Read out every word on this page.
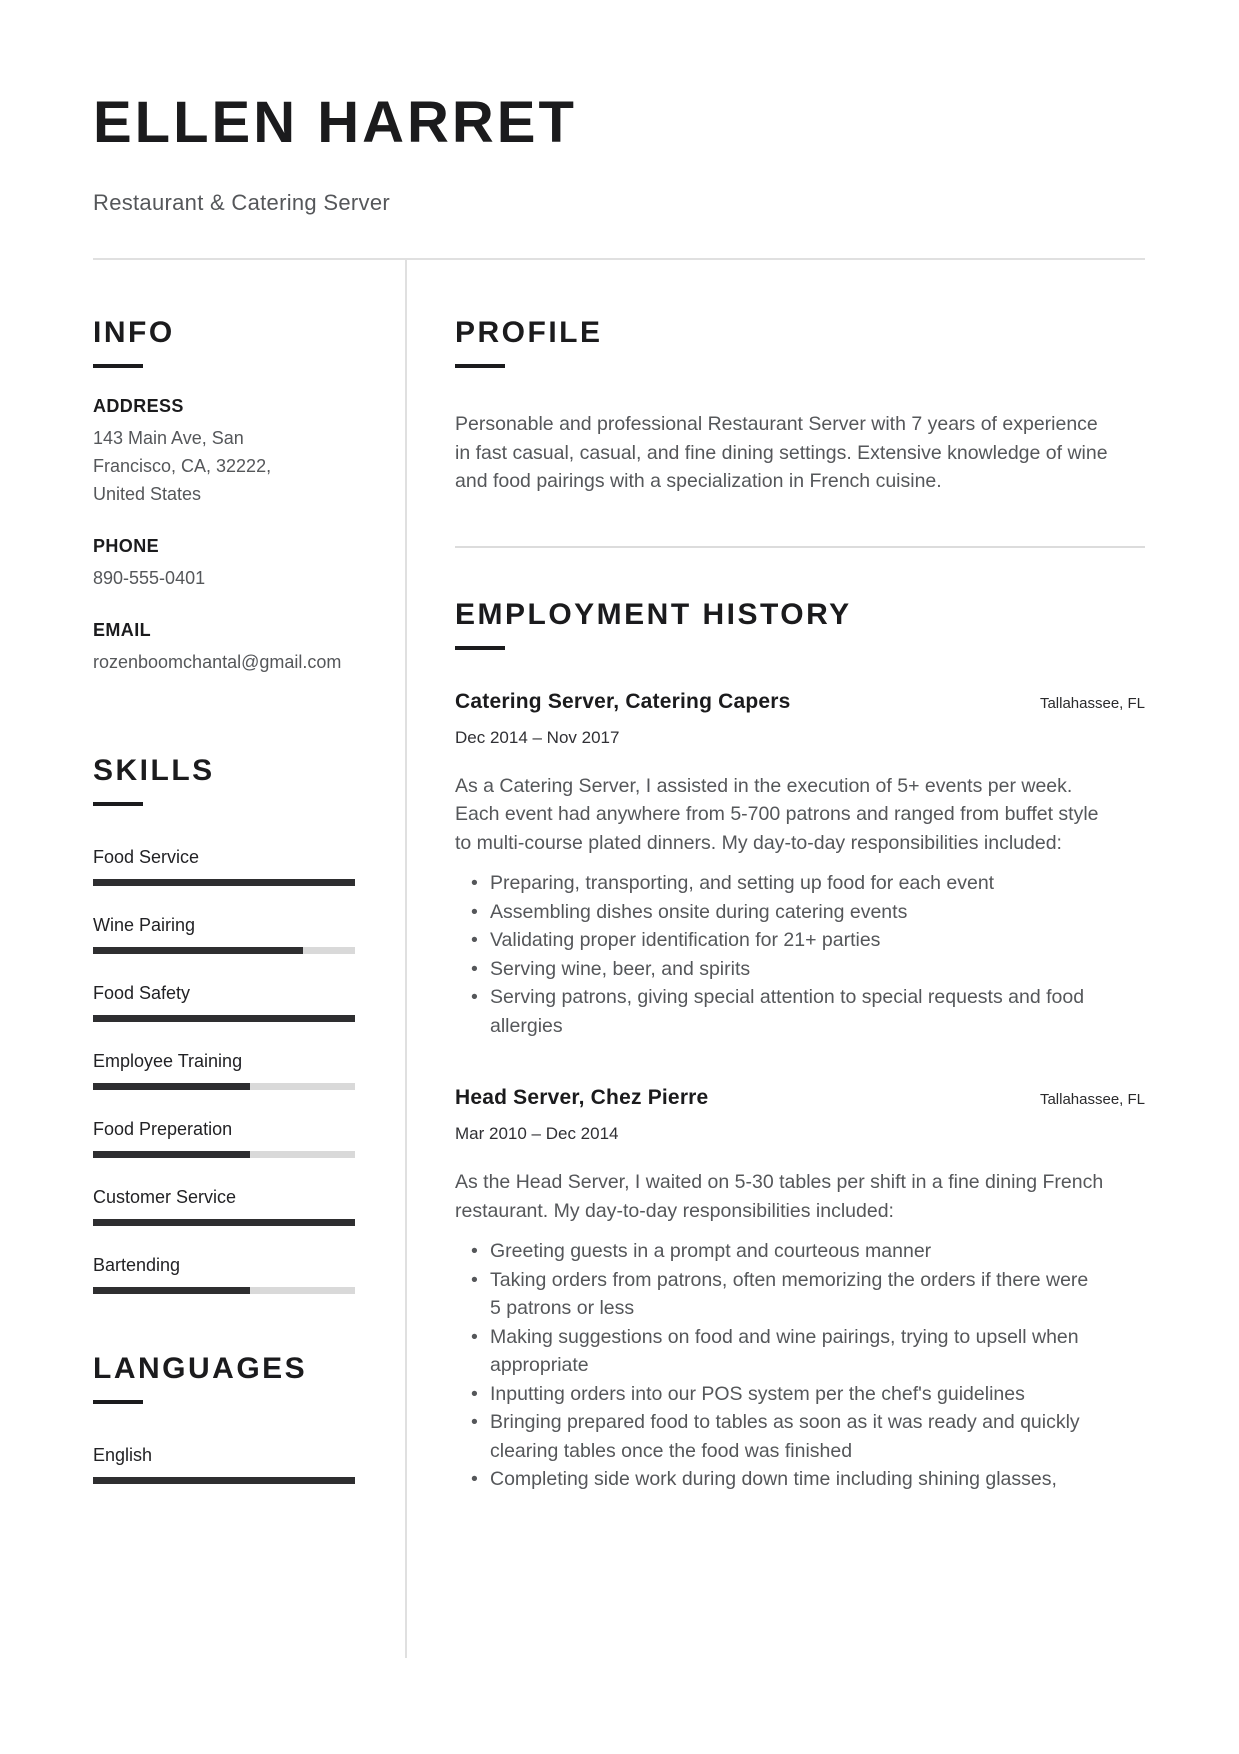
ELLEN HARRET
Restaurant & Catering Server
INFO
ADDRESS
143 Main Ave, San
Francisco, CA, 32222,
United States
PHONE
890-555-0401
EMAIL
rozenboomchantal@gmail.com
SKILLS
Food Service
Wine Pairing
Food Safety
Employee Training
Food Preperation
Customer Service
Bartending
LANGUAGES
English
PROFILE

Personable and professional Restaurant Server with 7 years of experience in fast casual, casual, and fine dining settings. Extensive knowledge of wine and food pairings with a specialization in French cuisine.

EMPLOYMENT HISTORY
Catering Server, Catering Capers	Tallahassee, FL
Dec 2014 – Nov 2017

As a Catering Server, I assisted in the execution of 5+ events per week. Each event had anywhere from 5-700 patrons and ranged from buffet style to multi-course plated dinners. My day-to-day responsibilities included:

• Preparing, transporting, and setting up food for each event
• Assembling dishes onsite during catering events
• Validating proper identification for 21+ parties
• Serving wine, beer, and spirits
• Serving patrons, giving special attention to special requests and food allergies
Head Server, Chez Pierre	Tallahassee, FL
Mar 2010 – Dec 2014

As the Head Server, I waited on 5-30 tables per shift in a fine dining French restaurant. My day-to-day responsibilities included:

• Greeting guests in a prompt and courteous manner
• Taking orders from patrons, often memorizing the orders if there were 5 patrons or less
• Making suggestions on food and wine pairings, trying to upsell when appropriate
• Inputting orders into our POS system per the chef's guidelines
• Bringing prepared food to tables as soon as it was ready and quickly clearing tables once the food was finished
• Completing side work during down time including shining glasses,
